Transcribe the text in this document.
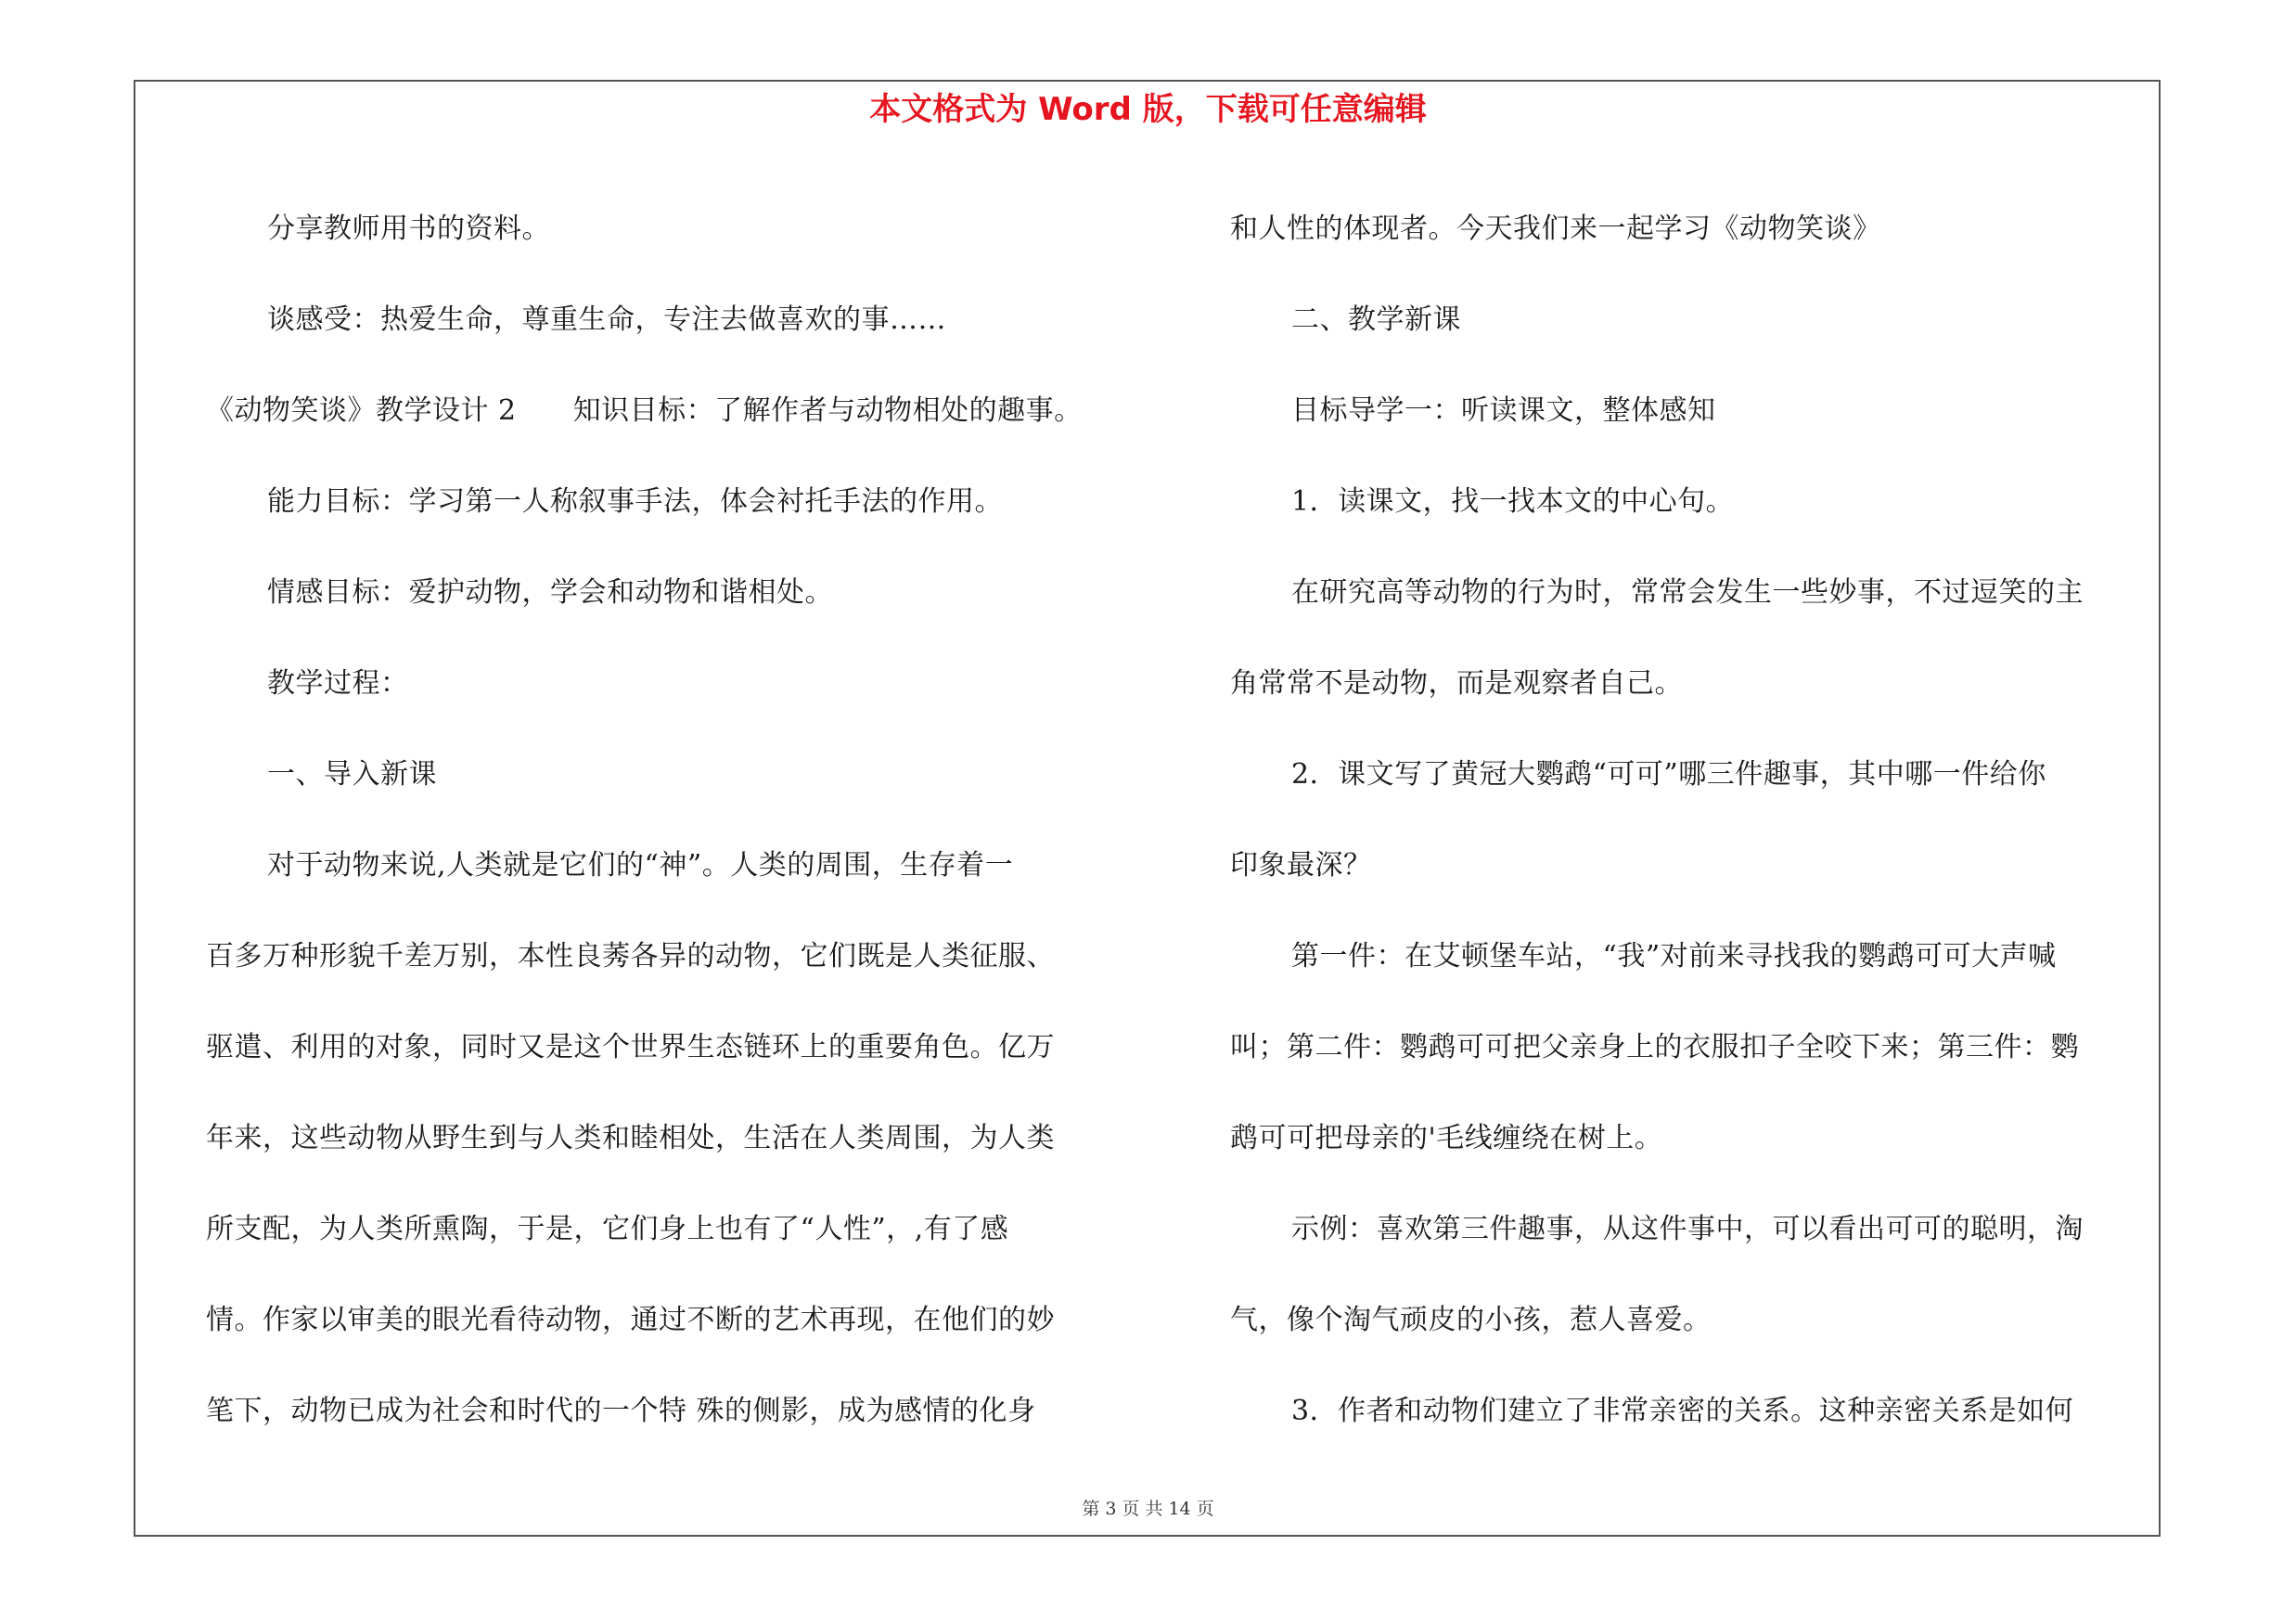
本文格式为 Word 版，下载可任意编辑

分享教师用书的资料。

谈感受：热爱生命，尊重生命，专注去做喜欢的事……

《动物笑谈》教学设计 2　　知识目标：了解作者与动物相处的趣事。

能力目标：学习第一人称叙事手法，体会衬托手法的作用。

情感目标：爱护动物，学会和动物和谐相处。

教学过程：

一、导入新课

对于动物来说,人类就是它们的“神”。人类的周围，生存着一

百多万种形貌千差万别，本性良莠各异的动物，它们既是人类征服、

驱遣、利用的对象，同时又是这个世界生态链环上的重要角色。亿万

年来，这些动物从野生到与人类和睦相处，生活在人类周围，为人类

所支配，为人类所熏陶，于是，它们身上也有了“人性”，,有了感

情。作家以审美的眼光看待动物，通过不断的艺术再现，在他们的妙

笔下，动物已成为社会和时代的一个特 殊的侧影，成为感情的化身

和人性的体现者。今天我们来一起学习《动物笑谈》

二、教学新课

目标导学一：听读课文，整体感知

1．读课文，找一找本文的中心句。

在研究高等动物的行为时，常常会发生一些妙事，不过逗笑的主

角常常不是动物，而是观察者自己。

2．课文写了黄冠大鹦鹉“可可”哪三件趣事，其中哪一件给你

印象最深？

第一件：在艾顿堡车站，“我”对前来寻找我的鹦鹉可可大声喊

叫；第二件：鹦鹉可可把父亲身上的衣服扣子全咬下来；第三件：鹦

鹉可可把母亲的'毛线缠绕在树上。

示例：喜欢第三件趣事，从这件事中，可以看出可可的聪明，淘

气，像个淘气顽皮的小孩，惹人喜爱。

3．作者和动物们建立了非常亲密的关系。这种亲密关系是如何

第 3 页 共 14 页
